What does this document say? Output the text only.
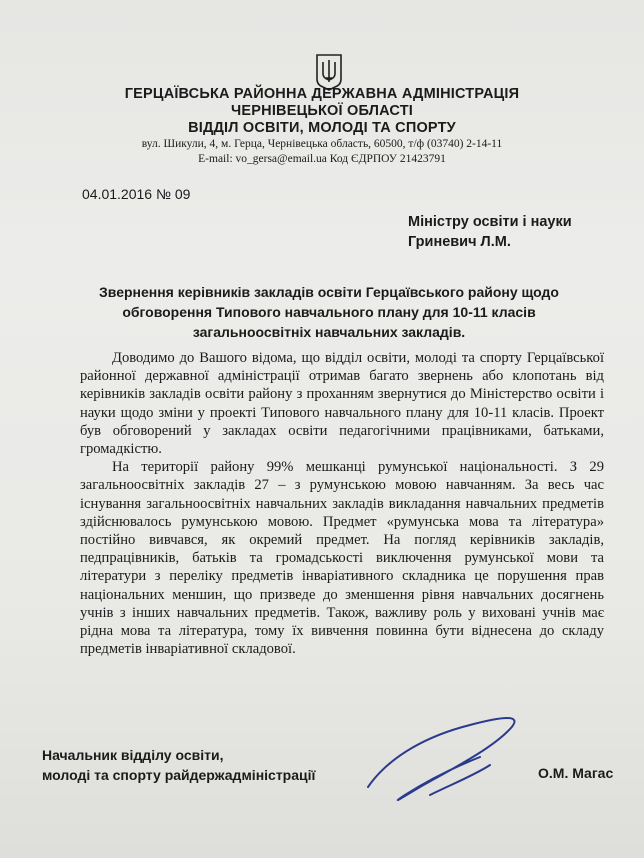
ГЕРЦАЇВСЬКА РАЙОННА ДЕРЖАВНА АДМІНІСТРАЦІЯ
ЧЕРНІВЕЦЬКОЇ ОБЛАСТІ
ВІДДІЛ ОСВІТИ, МОЛОДІ ТА СПОРТУ
вул. Шикули, 4, м. Герца, Чернівецька область, 60500, т/ф (03740) 2-14-11
E-mail: vo_gersa@email.ua Код ЄДРПОУ 21423791
04.01.2016 № 09
Міністру освіти і науки
Гриневич Л.М.
Звернення керівників закладів освіти Герцаївського району щодо обговорення Типового навчального плану для 10-11 класів загальноосвітніх навчальних закладів.

Доводимо до Вашого відома, що відділ освіти, молоді та спорту Герцаївської районної державної адміністрації отримав багато звернень або клопотань від керівників закладів освіти району з проханням звернутися до Міністерство освіти і науки щодо зміни у проекті Типового навчального плану для 10-11 класів. Проект був обговорений у закладах освіти педагогічними працівниками, батьками, громадкістю.

На території району 99% мешканці румунської національності. З 29 загальноосвітніх закладів 27 – з румунською мовою навчанням. За весь час існування загальноосвітніх навчальних закладів викладання навчальних предметів здійснювалось румунською мовою. Предмет «румунська мова та література» постійно вивчався, як окремий предмет. На погляд керівників закладів, педпрацівників, батьків та громадськості виключення румунської мови та літератури з переліку предметів інваріативного складника це порушення прав національних меншин, що призведе до зменшення рівня навчальних досягнень учнів з інших навчальних предметів. Також, важливу роль у виховані учнів має рідна мова та література, тому їх вивчення повинна бути віднесена до складу предметів інваріативної складової.

Начальник відділу освіти,
молоді та спорту райдержадміністрації	О.М. Магас
